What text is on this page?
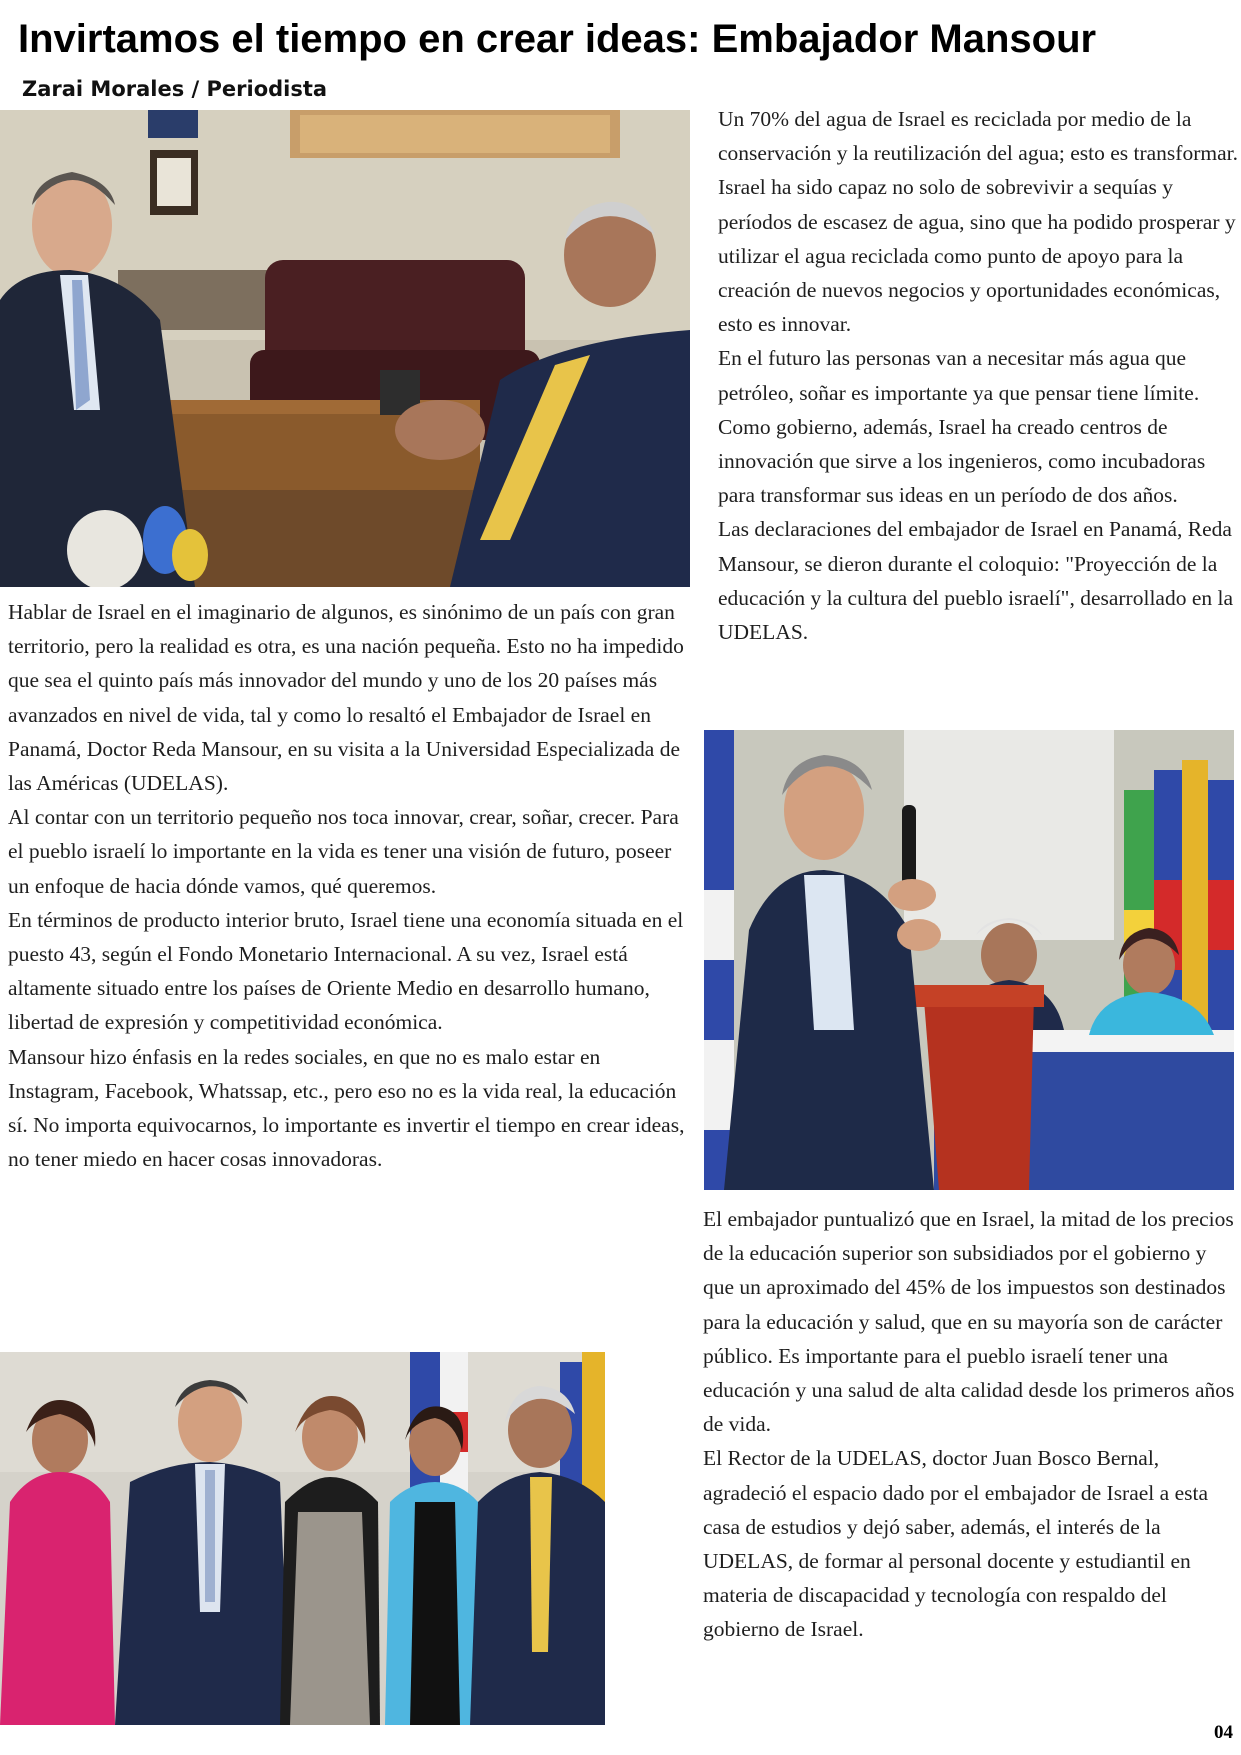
Invirtamos el tiempo en crear ideas: Embajador Mansour
Zarai Morales / Periodista

Hablar de Israel en el imaginario de algunos, es sinónimo de un país con gran territorio, pero la realidad es otra, es una nación pequeña. Esto no ha impedido que sea el quinto país más innovador del mundo y uno de los 20 países más avanzados en nivel de vida, tal y como lo resaltó el Embajador de Israel en Panamá, Doctor Reda Mansour, en su visita a la Universidad Especializada de las Américas (UDELAS).

Al contar con un territorio pequeño nos toca innovar, crear, soñar, crecer. Para el pueblo israelí lo importante en la vida es tener una visión de futuro, poseer un enfoque de hacia dónde vamos, qué queremos.

En términos de producto interior bruto, Israel tiene una economía situada en el puesto 43, según el Fondo Monetario Internacional. A su vez, Israel está altamente situado entre los países de Oriente Medio en desarrollo humano, libertad de expresión y competitividad económica.

Mansour hizo énfasis en la redes sociales, en que no es malo estar en Instagram, Facebook, Whatssap, etc., pero eso no es la vida real, la educación sí. No importa equivocarnos, lo importante es invertir el tiempo en crear ideas, no tener miedo en hacer cosas innovadoras.

Un 70% del agua de Israel es reciclada por medio de la conservación y la reutilización del agua; esto es transformar. Israel ha sido capaz no solo de sobrevivir a sequías y períodos de escasez de agua, sino que ha podido prosperar y utilizar el agua reciclada como punto de apoyo para la creación de nuevos negocios y oportunidades económicas, esto es innovar.

En el futuro las personas van a necesitar más agua que petróleo, soñar es importante ya que pensar tiene límite. Como gobierno, además, Israel ha creado centros de innovación que sirve a los ingenieros, como incubadoras para transformar sus ideas en un período de dos años.

Las declaraciones del embajador de Israel en Panamá, Reda Mansour, se dieron durante el coloquio: "Proyección de la educación y la cultura del pueblo israelí", desarrollado en la UDELAS.

El embajador puntualizó que en Israel, la mitad de los precios de la educación superior son subsidiados por el gobierno y que un aproximado del 45% de los impuestos son destinados para la educación y salud, que en su mayoría son de carácter público. Es importante para el pueblo israelí tener una educación y una salud de alta calidad desde los primeros años de vida.

El Rector de la UDELAS, doctor Juan Bosco Bernal, agradeció el espacio dado por el embajador de Israel a esta casa de estudios y dejó saber, además, el interés de la UDELAS, de formar al personal docente y estudiantil en materia de discapacidad y tecnología con respaldo del gobierno de Israel.

04
